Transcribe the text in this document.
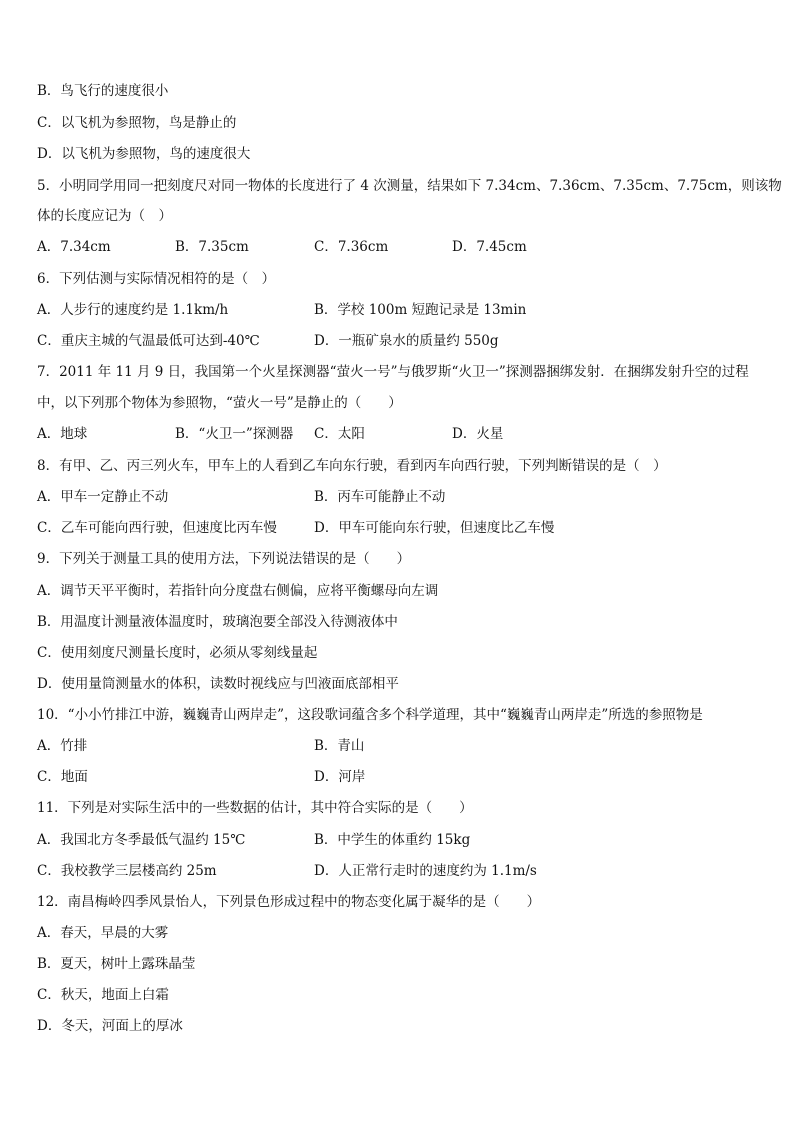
B．鸟飞行的速度很小
C．以飞机为参照物，鸟是静止的
D．以飞机为参照物，鸟的速度很大
5．小明同学用同一把刻度尺对同一物体的长度进行了 4 次测量，结果如下 7.34cm、7.36cm、7.35cm、7.75cm，则该物
体的长度应记为（　）
A．7.34cm	B．7.35cm	C．7.36cm	D．7.45cm
6．下列估测与实际情况相符的是（　）
A．人步行的速度约是 1.1km/h	B．学校 100m 短跑记录是 13min
C．重庆主城的气温最低可达到-40℃	D．一瓶矿泉水的质量约 550g
7．2011 年 11 月 9 日，我国第一个火星探测器“萤火一号”与俄罗斯“火卫一”探测器捆绑发射．在捆绑发射升空的过程
中，以下列那个物体为参照物，“萤火一号”是静止的（　　）
A．地球	B．“火卫一”探测器 C．太阳	D．火星
8．有甲、乙、丙三列火车，甲车上的人看到乙车向东行驶，看到丙车向西行驶，下列判断错误的是（　）
A．甲车一定静止不动	B．丙车可能静止不动
C．乙车可能向西行驶，但速度比丙车慢	D．甲车可能向东行驶，但速度比乙车慢
9．下列关于测量工具的使用方法，下列说法错误的是（　　）
A．调节天平平衡时，若指针向分度盘右侧偏，应将平衡螺母向左调
B．用温度计测量液体温度时，玻璃泡要全部没入待测液体中
C．使用刻度尺测量长度时，必须从零刻线量起
D．使用量筒测量水的体积，读数时视线应与凹液面底部相平
10．“小小竹排江中游，巍巍青山两岸走”，这段歌词蕴含多个科学道理，其中“巍巍青山两岸走”所选的参照物是
A．竹排	B．青山
C．地面	D．河岸
11．下列是对实际生活中的一些数据的估计，其中符合实际的是（　　）
A．我国北方冬季最低气温约 15℃	B．中学生的体重约 15kg
C．我校教学三层楼高约 25m	D．人正常行走时的速度约为 1.1m/s
12．南昌梅岭四季风景怡人，下列景色形成过程中的物态变化属于凝华的是（　　）
A．春天，早晨的大雾
B．夏天，树叶上露珠晶莹
C．秋天，地面上白霜
D．冬天，河面上的厚冰
